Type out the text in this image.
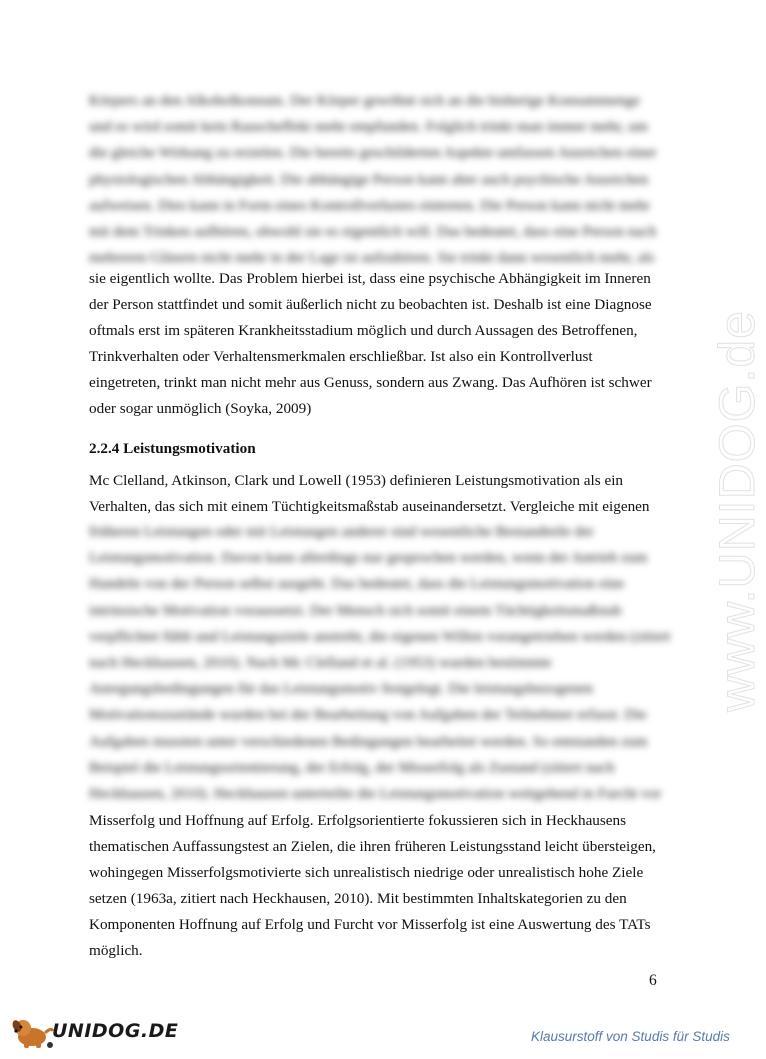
www.UNIDOG.de
Körpers an den Alkoholkonsum. Der Körper gewöhnt sich an die bisherige Konsummenge
und es wird somit kein Rauscheffekt mehr empfunden. Folglich trinkt man immer mehr, um
die gleiche Wirkung zu erzielen. Die bereits geschilderten Aspekte umfassen Anzeichen einer
physiologischen Abhängigkeit. Die abhängige Person kann aber auch psychische Anzeichen
aufweisen. Dies kann in Form eines Kontrollverlustes eintreten. Die Person kann nicht mehr
mit dem Trinken aufhören, obwohl sie es eigentlich will. Das bedeutet, dass eine Person nach
mehreren Gläsern nicht mehr in der Lage ist aufzuhören. Sie trinkt dann wesentlich mehr, als
sie eigentlich wollte. Das Problem hierbei ist, dass eine psychische Abhängigkeit im Inneren
der Person stattfindet und somit äußerlich nicht zu beobachten ist. Deshalb ist eine Diagnose
oftmals erst im späteren Krankheitsstadium möglich und durch Aussagen des Betroffenen,
Trinkverhalten oder Verhaltensmerkmalen erschließbar. Ist also ein Kontrollverlust
eingetreten, trinkt man nicht mehr aus Genuss, sondern aus Zwang. Das Aufhören ist schwer
oder sogar unmöglich (Soyka, 2009)
2.2.4 Leistungsmotivation
Mc Clelland, Atkinson, Clark und Lowell (1953) definieren Leistungsmotivation als ein
Verhalten, das sich mit einem Tüchtigkeitsmaßstab auseinandersetzt. Vergleiche mit eigenen
früheren Leistungen oder mit Leistungen anderer sind wesentliche Bestandteile der
Leistungsmotivation. Davon kann allerdings nur gesprochen werden, wenn der Antrieb zum
Handeln von der Person selbst ausgeht. Das bedeutet, dass die Leistungsmotivation eine
intrinsische Motivation voraussetzt. Der Mensch sich somit einem Tüchtigkeitsmaßstab
verpflichtet fühlt und Leistungsziele anstrebt, die eigenen Willen vorangetrieben werden (zitiert
nach Heckhausen, 2010). Nach Mc Clelland et al. (1953) wurden bestimmte
Anregungsbedingungen für das Leistungsmotiv festgelegt. Die leistungsbezogenen
Motivationszustände wurden bei der Bearbeitung von Aufgaben der Teilnehmer erfasst. Die
Aufgaben mussten unter verschiedenen Bedingungen bearbeitet werden. So entstanden zum
Beispiel die Leistungsorientierung, der Erfolg, der Misserfolg als Zustand (zitiert nach
Heckhausen, 2010). Heckhausen unterteilte die Leistungsmotivation weitgehend in Furcht vor
Misserfolg und Hoffnung auf Erfolg. Erfolgsorientierte fokussieren sich in Heckhausens
thematischen Auffassungstest an Zielen, die ihren früheren Leistungsstand leicht übersteigen,
wohingegen Misserfolgsmotivierte sich unrealistisch niedrige oder unrealistisch hohe Ziele
setzen (1963a, zitiert nach Heckhausen, 2010). Mit bestimmten Inhaltskategorien zu den
Komponenten Hoffnung auf Erfolg und Furcht vor Misserfolg ist eine Auswertung des TATs
möglich.
6
UNIDOG.DE	Klausurstoff von Studis für Studis
